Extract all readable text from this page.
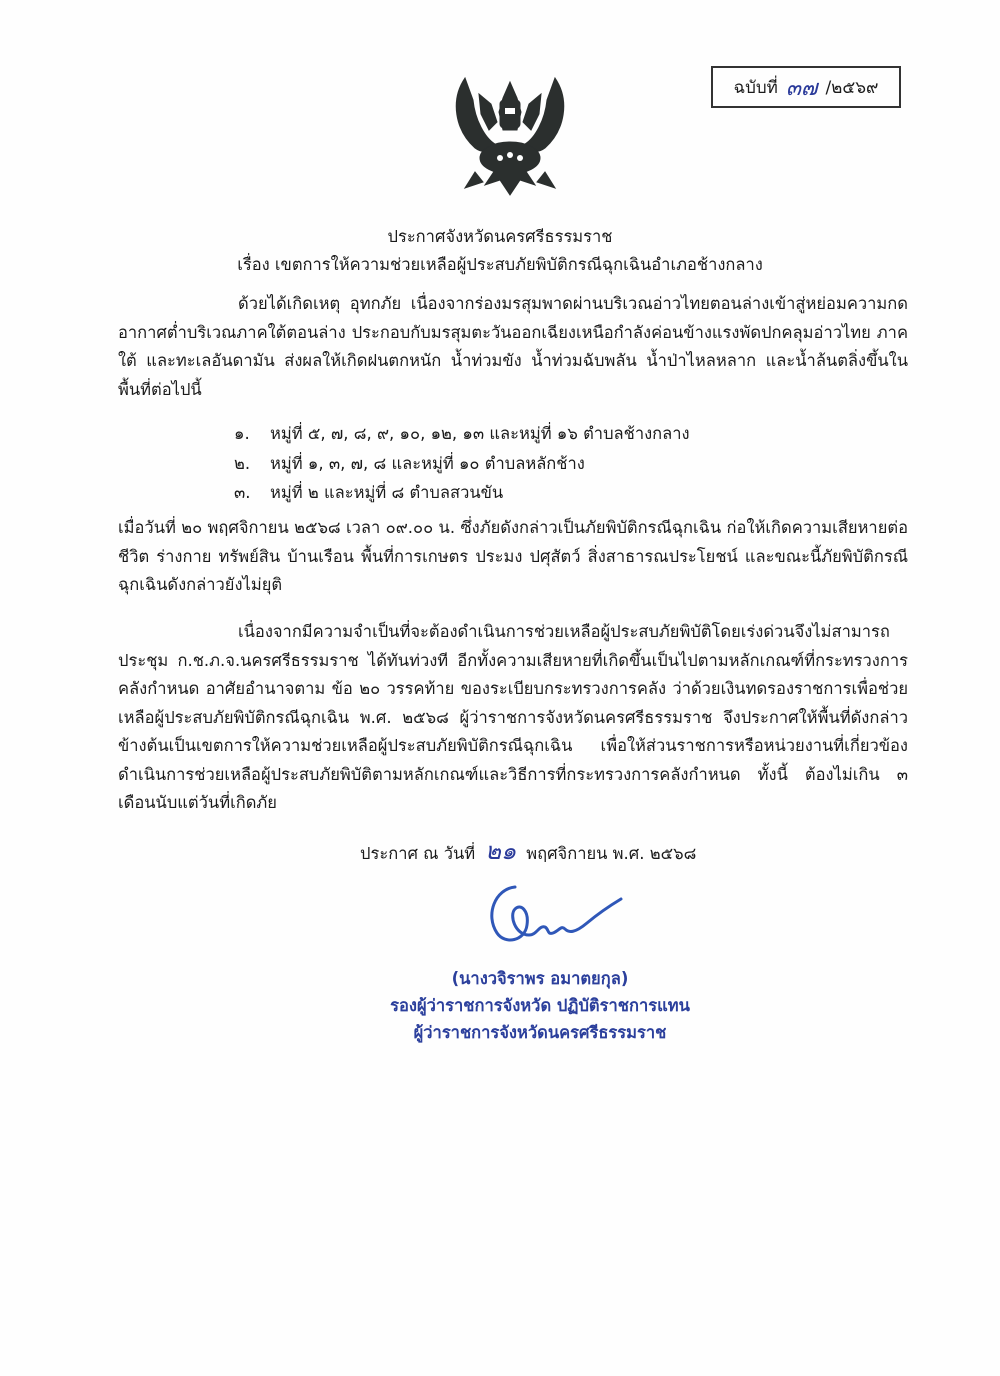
ฉบับที่ ๓๗ /๒๕๖๙
ประกาศจังหวัดนครศรีธรรมราช
เรื่อง เขตการให้ความช่วยเหลือผู้ประสบภัยพิบัติกรณีฉุกเฉินอำเภอช้างกลาง

ด้วยได้เกิดเหตุ อุทกภัย เนื่องจากร่องมรสุมพาดผ่านบริเวณอ่าวไทยตอนล่างเข้าสู่หย่อมความกดอากาศต่ำบริเวณภาคใต้ตอนล่าง ประกอบกับมรสุมตะวันออกเฉียงเหนือกำลังค่อนข้างแรงพัดปกคลุมอ่าวไทย ภาคใต้ และทะเลอันดามัน ส่งผลให้เกิดฝนตกหนัก น้ำท่วมขัง น้ำท่วมฉับพลัน น้ำป่าไหลหลาก และน้ำล้นตลิ่งขึ้นในพื้นที่ต่อไปนี้

๑.	หมู่ที่ ๕, ๗, ๘, ๙, ๑๐, ๑๒, ๑๓ และหมู่ที่ ๑๖ ตำบลช้างกลาง
๒.	หมู่ที่ ๑, ๓, ๗, ๘ และหมู่ที่ ๑๐ ตำบลหลักช้าง
๓.	หมู่ที่ ๒ และหมู่ที่ ๘ ตำบลสวนขัน

เมื่อวันที่ ๒๐ พฤศจิกายน ๒๕๖๘ เวลา ๐๙.๐๐ น. ซึ่งภัยดังกล่าวเป็นภัยพิบัติกรณีฉุกเฉิน ก่อให้เกิดความเสียหายต่อชีวิต ร่างกาย ทรัพย์สิน บ้านเรือน พื้นที่การเกษตร ประมง ปศุสัตว์ สิ่งสาธารณประโยชน์ และขณะนี้ภัยพิบัติกรณีฉุกเฉินดังกล่าวยังไม่ยุติ

เนื่องจากมีความจำเป็นที่จะต้องดำเนินการช่วยเหลือผู้ประสบภัยพิบัติโดยเร่งด่วนจึงไม่สามารถประชุม ก.ช.ภ.จ.นครศรีธรรมราช ได้ทันท่วงที อีกทั้งความเสียหายที่เกิดขึ้นเป็นไปตามหลักเกณฑ์ที่กระทรวงการคลังกำหนด อาศัยอำนาจตาม ข้อ ๒๐ วรรคท้าย ของระเบียบกระทรวงการคลัง ว่าด้วยเงินทดรองราชการเพื่อช่วยเหลือผู้ประสบภัยพิบัติกรณีฉุกเฉิน พ.ศ. ๒๕๖๘ ผู้ว่าราชการจังหวัดนครศรีธรรมราช จึงประกาศให้พื้นที่ดังกล่าวข้างต้นเป็นเขตการให้ความช่วยเหลือผู้ประสบภัยพิบัติกรณีฉุกเฉิน เพื่อให้ส่วนราชการหรือหน่วยงานที่เกี่ยวข้องดำเนินการช่วยเหลือผู้ประสบภัยพิบัติตามหลักเกณฑ์และวิธีการที่กระทรวงการคลังกำหนด ทั้งนี้ ต้องไม่เกิน ๓ เดือนนับแต่วันที่เกิดภัย

ประกาศ ณ วันที่ ๒๑ พฤศจิกายน พ.ศ. ๒๕๖๘
(นางวจิราพร อมาตยกุล)
รองผู้ว่าราชการจังหวัด ปฏิบัติราชการแทน
ผู้ว่าราชการจังหวัดนครศรีธรรมราช
